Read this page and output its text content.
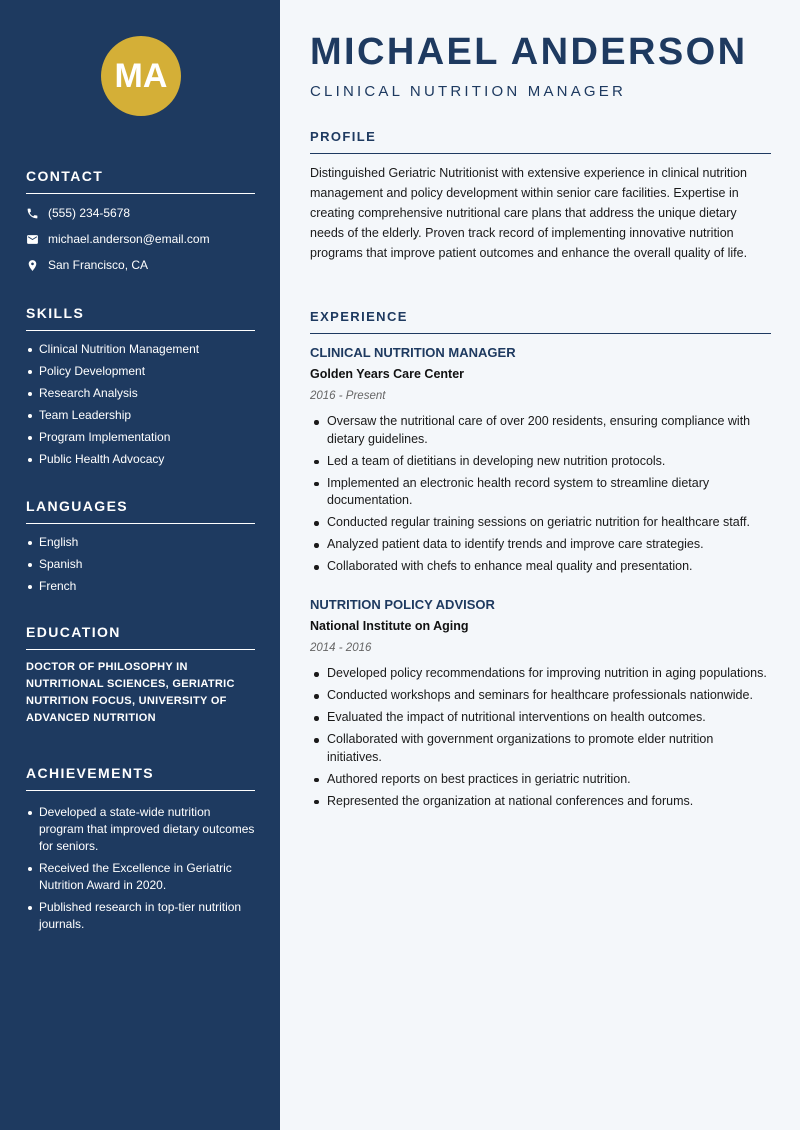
MA
CONTACT
(555) 234-5678
michael.anderson@email.com
San Francisco, CA
SKILLS
Clinical Nutrition Management
Policy Development
Research Analysis
Team Leadership
Program Implementation
Public Health Advocacy
LANGUAGES
English
Spanish
French
EDUCATION
DOCTOR OF PHILOSOPHY IN NUTRITIONAL SCIENCES, GERIATRIC NUTRITION FOCUS, UNIVERSITY OF ADVANCED NUTRITION
ACHIEVEMENTS
Developed a state-wide nutrition program that improved dietary outcomes for seniors.
Received the Excellence in Geriatric Nutrition Award in 2020.
Published research in top-tier nutrition journals.
MICHAEL ANDERSON
CLINICAL NUTRITION MANAGER
PROFILE
Distinguished Geriatric Nutritionist with extensive experience in clinical nutrition management and policy development within senior care facilities. Expertise in creating comprehensive nutritional care plans that address the unique dietary needs of the elderly. Proven track record of implementing innovative nutrition programs that improve patient outcomes and enhance the overall quality of life.
EXPERIENCE
CLINICAL NUTRITION MANAGER
Golden Years Care Center
2016 - Present
Oversaw the nutritional care of over 200 residents, ensuring compliance with dietary guidelines.
Led a team of dietitians in developing new nutrition protocols.
Implemented an electronic health record system to streamline dietary documentation.
Conducted regular training sessions on geriatric nutrition for healthcare staff.
Analyzed patient data to identify trends and improve care strategies.
Collaborated with chefs to enhance meal quality and presentation.
NUTRITION POLICY ADVISOR
National Institute on Aging
2014 - 2016
Developed policy recommendations for improving nutrition in aging populations.
Conducted workshops and seminars for healthcare professionals nationwide.
Evaluated the impact of nutritional interventions on health outcomes.
Collaborated with government organizations to promote elder nutrition initiatives.
Authored reports on best practices in geriatric nutrition.
Represented the organization at national conferences and forums.
